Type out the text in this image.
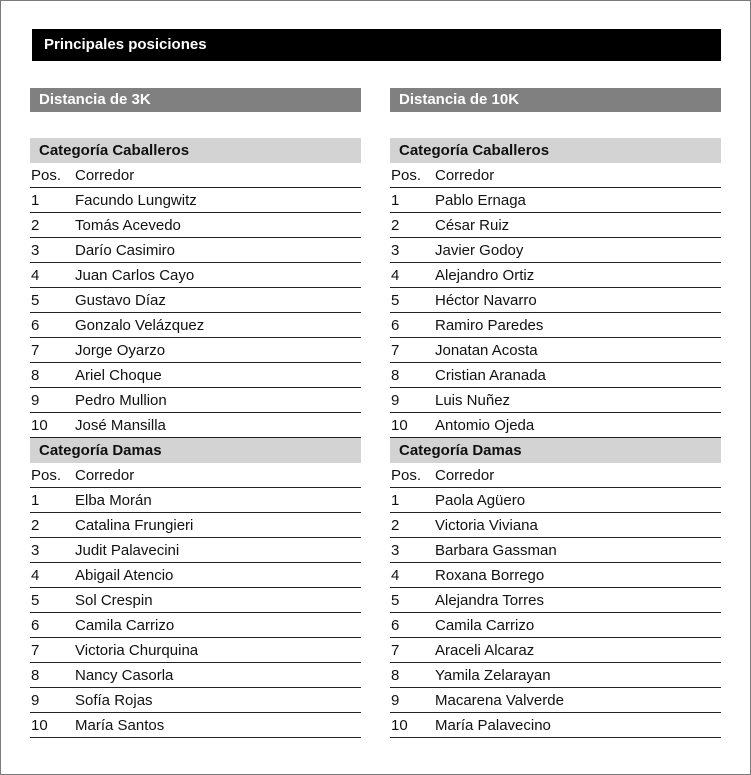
Principales posiciones
Distancia de 3K
Categoría Caballeros
Pos. Corredor
1	Facundo Lungwitz
2	Tomás Acevedo
3	Darío Casimiro
4	Juan Carlos Cayo
5	Gustavo Díaz
6	Gonzalo Velázquez
7	Jorge Oyarzo
8	Ariel Choque
9	Pedro Mullion
10	José Mansilla
Categoría Damas
Pos. Corredor
1	Elba Morán
2	Catalina Frungieri
3	Judit Palavecini
4	Abigail Atencio
5	Sol Crespin
6	Camila Carrizo
7	Victoria Churquina
8	Nancy Casorla
9	Sofía Rojas
10	María Santos
Distancia de 10K
Categoría Caballeros
Pos. Corredor
1	Pablo Ernaga
2	César Ruiz
3	Javier Godoy
4	Alejandro Ortiz
5	Héctor Navarro
6	Ramiro Paredes
7	Jonatan Acosta
8	Cristian Aranada
9	Luis Nuñez
10	Antomio Ojeda
Categoría Damas
Pos. Corredor
1	Paola Agüero
2	Victoria Viviana
3	Barbara Gassman
4	Roxana Borrego
5	Alejandra Torres
6	Camila Carrizo
7	Araceli Alcaraz
8	Yamila Zelarayan
9	Macarena Valverde
10	María Palavecino
